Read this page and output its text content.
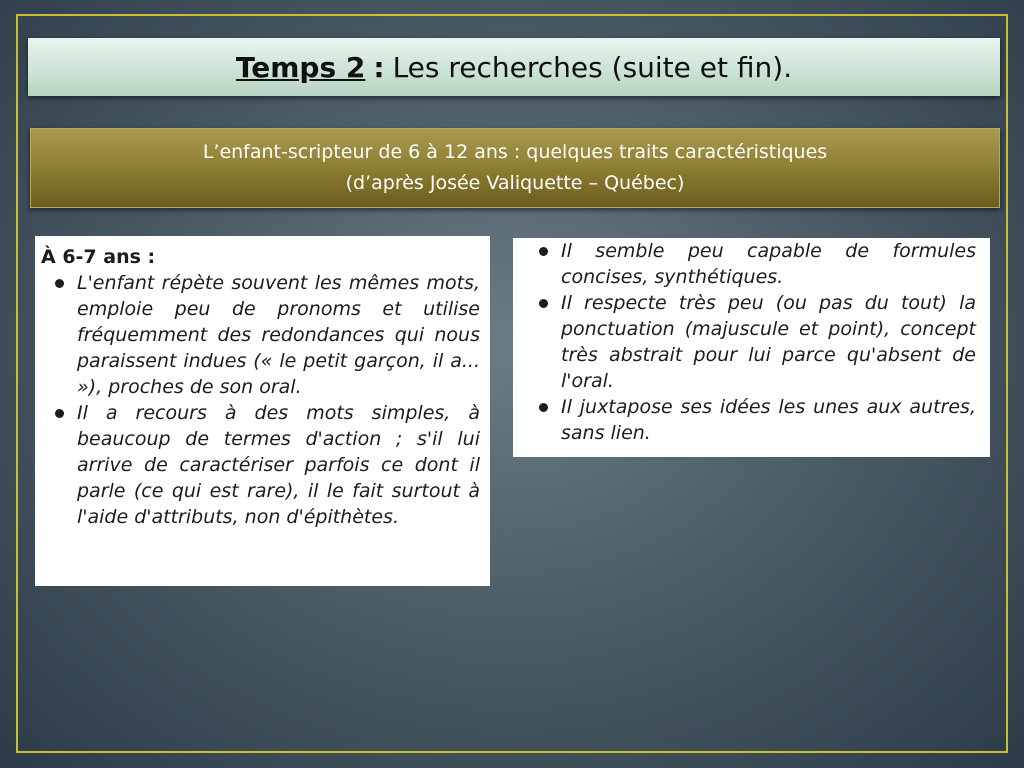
Temps 2 : Les recherches (suite et fin).
L’enfant-scripteur de 6 à 12 ans : quelques traits caractéristiques
(d’après Josée Valiquette – Québec)
À 6-7 ans :
L'enfant répète souvent les mêmes mots, emploie peu de pronoms et utilise fréquemment des redondances qui nous paraissent indues (« le petit garçon, il a... »), proches de son oral.
Il a recours à des mots simples, à beaucoup de termes d'action ; s'il lui arrive de caractériser parfois ce dont il parle (ce qui est rare), il le fait surtout à l'aide d'attributs, non d'épithètes.
Il semble peu capable de formules concises, synthétiques.
Il respecte très peu (ou pas du tout) la ponctuation (majuscule et point), concept très abstrait pour lui parce qu'absent de l'oral.
Il juxtapose ses idées les unes aux autres, sans lien.
